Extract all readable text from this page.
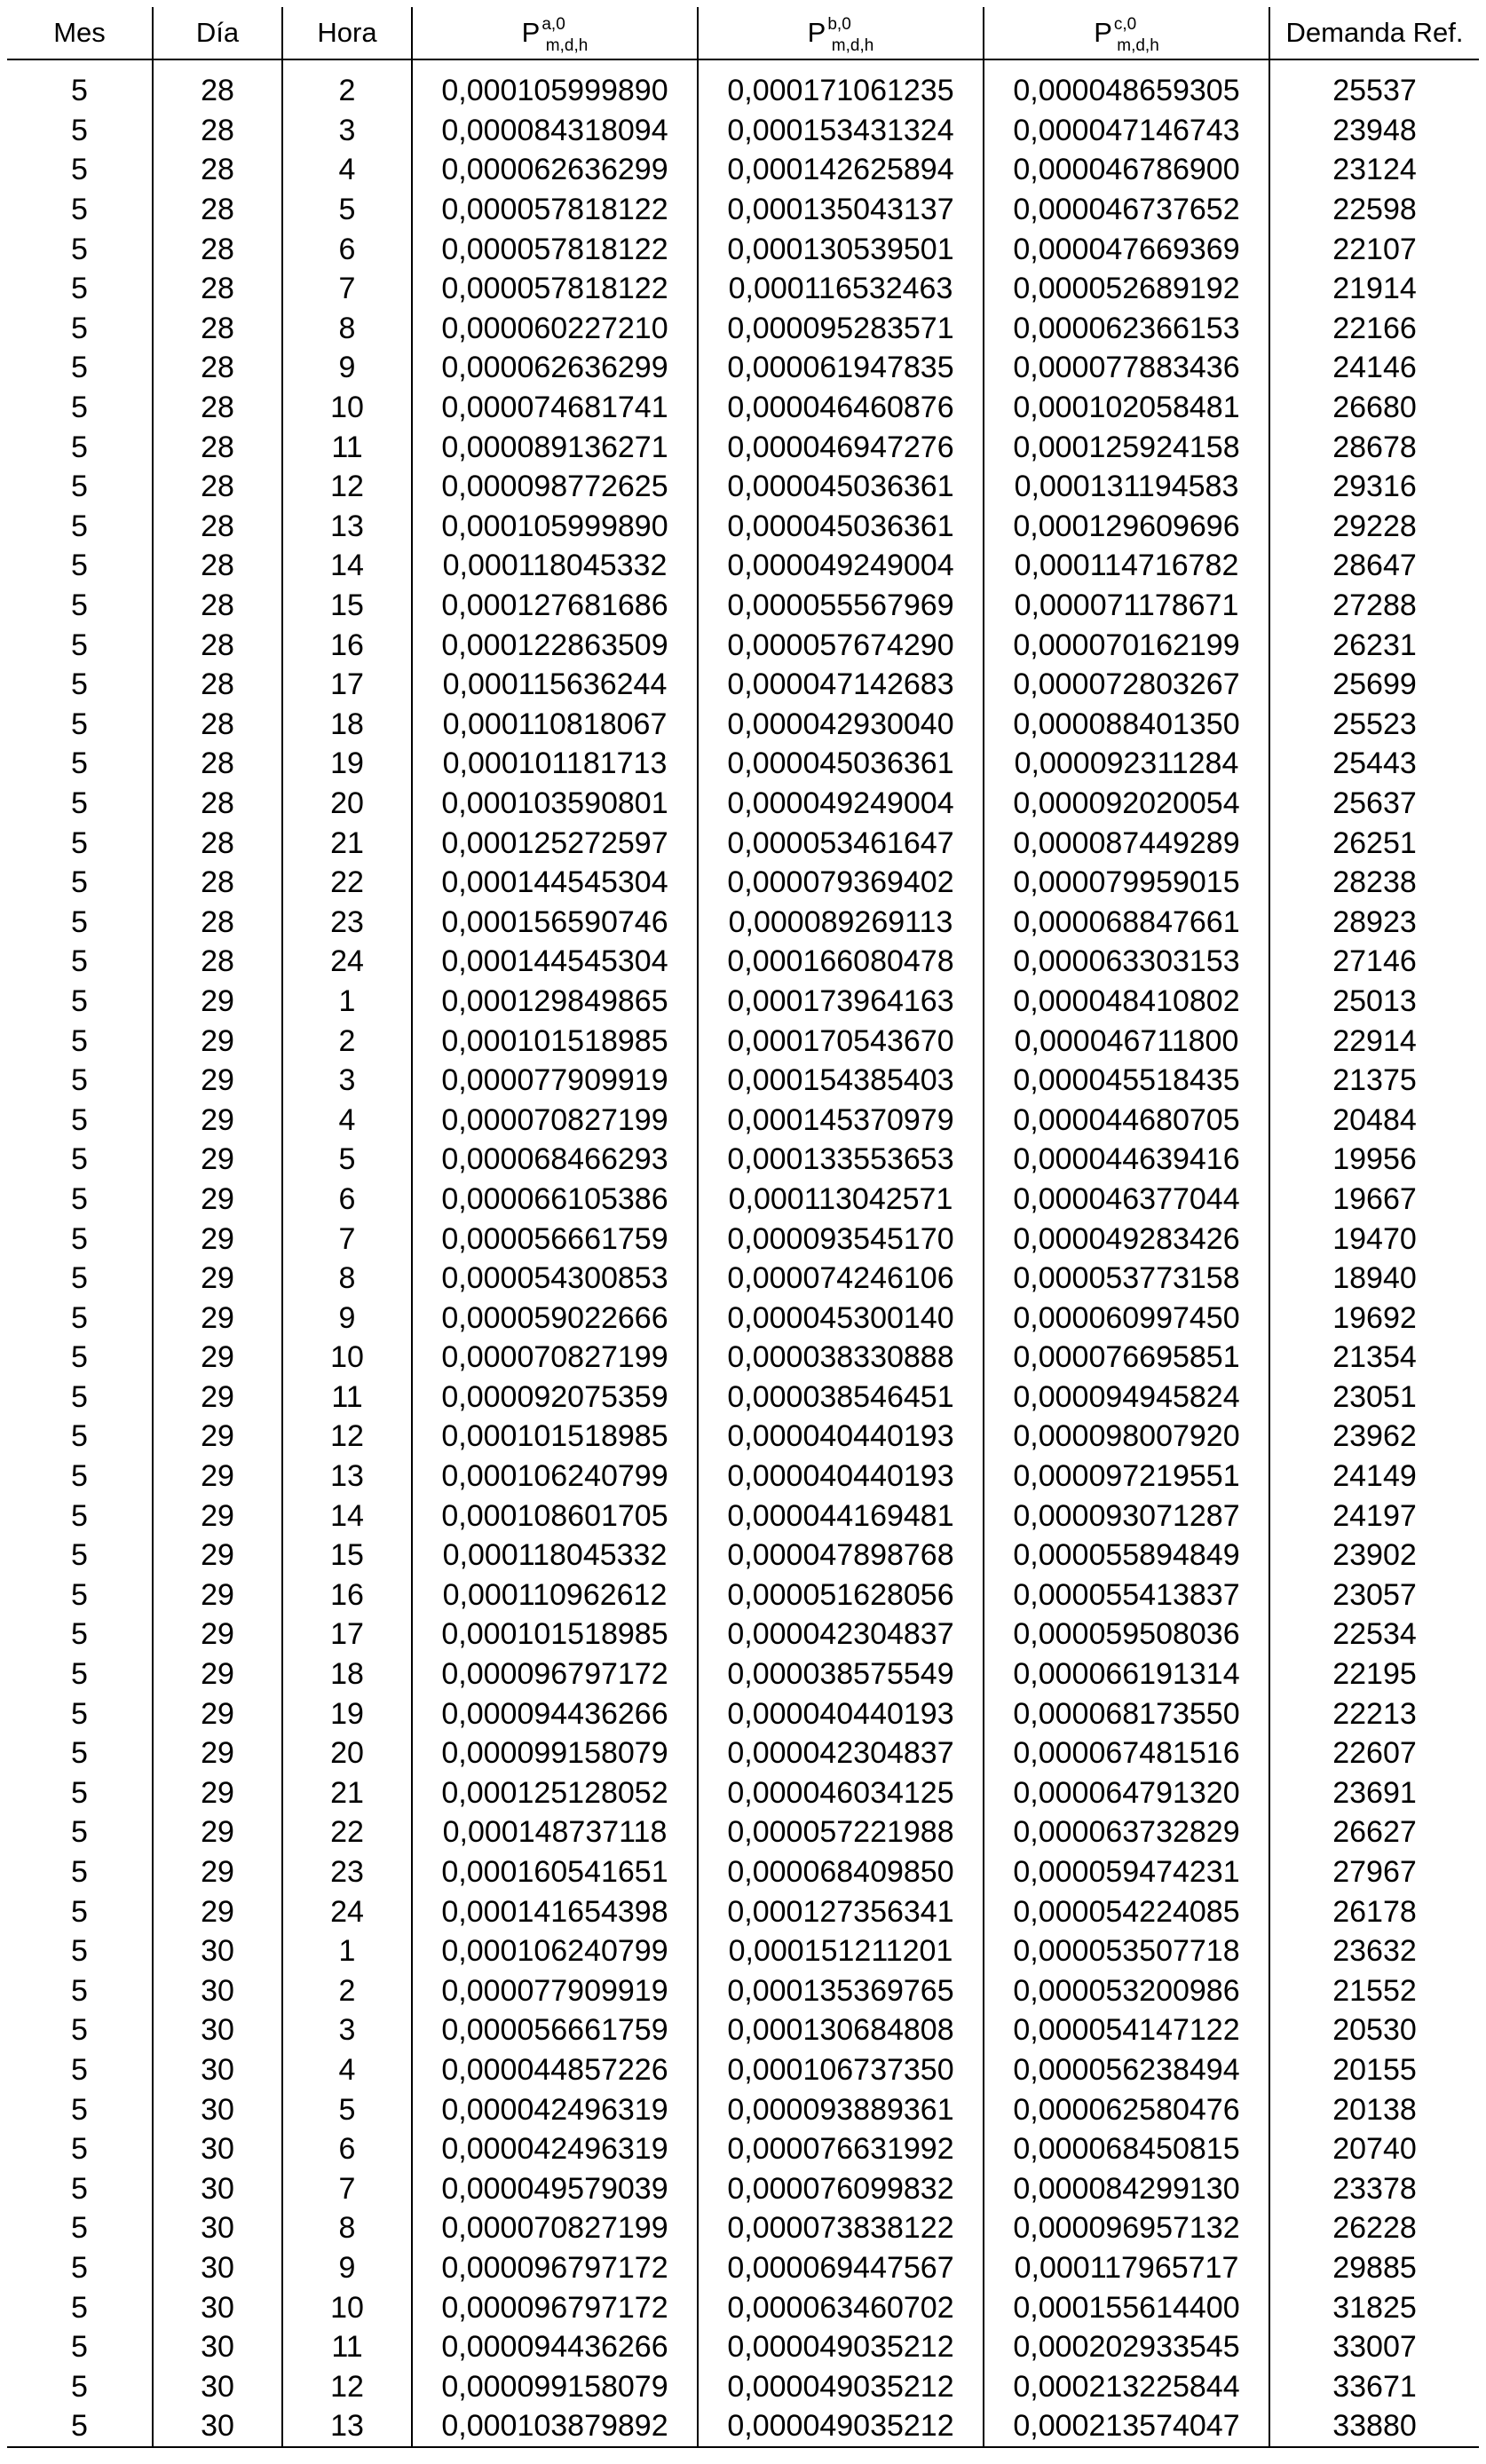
Mes	Día	Hora	P $^{a,0}_{m,d,h}$	P $^{b,0}_{m,d,h}$	P $^{c,0}_{m,d,h}$	Demanda Ref.
5	28	2	0,000105999890	0,000171061235	0,000048659305	25537
5	28	3	0,000084318094	0,000153431324	0,000047146743	23948
5	28	4	0,000062636299	0,000142625894	0,000046786900	23124
5	28	5	0,000057818122	0,000135043137	0,000046737652	22598
5	28	6	0,000057818122	0,000130539501	0,000047669369	22107
5	28	7	0,000057818122	0,000116532463	0,000052689192	21914
5	28	8	0,000060227210	0,000095283571	0,000062366153	22166
5	28	9	0,000062636299	0,000061947835	0,000077883436	24146
5	28	10	0,000074681741	0,000046460876	0,000102058481	26680
5	28	11	0,000089136271	0,000046947276	0,000125924158	28678
5	28	12	0,000098772625	0,000045036361	0,000131194583	29316
5	28	13	0,000105999890	0,000045036361	0,000129609696	29228
5	28	14	0,000118045332	0,000049249004	0,000114716782	28647
5	28	15	0,000127681686	0,000055567969	0,000071178671	27288
5	28	16	0,000122863509	0,000057674290	0,000070162199	26231
5	28	17	0,000115636244	0,000047142683	0,000072803267	25699
5	28	18	0,000110818067	0,000042930040	0,000088401350	25523
5	28	19	0,000101181713	0,000045036361	0,000092311284	25443
5	28	20	0,000103590801	0,000049249004	0,000092020054	25637
5	28	21	0,000125272597	0,000053461647	0,000087449289	26251
5	28	22	0,000144545304	0,000079369402	0,000079959015	28238
5	28	23	0,000156590746	0,000089269113	0,000068847661	28923
5	28	24	0,000144545304	0,000166080478	0,000063303153	27146
5	29	1	0,000129849865	0,000173964163	0,000048410802	25013
5	29	2	0,000101518985	0,000170543670	0,000046711800	22914
5	29	3	0,000077909919	0,000154385403	0,000045518435	21375
5	29	4	0,000070827199	0,000145370979	0,000044680705	20484
5	29	5	0,000068466293	0,000133553653	0,000044639416	19956
5	29	6	0,000066105386	0,000113042571	0,000046377044	19667
5	29	7	0,000056661759	0,000093545170	0,000049283426	19470
5	29	8	0,000054300853	0,000074246106	0,000053773158	18940
5	29	9	0,000059022666	0,000045300140	0,000060997450	19692
5	29	10	0,000070827199	0,000038330888	0,000076695851	21354
5	29	11	0,000092075359	0,000038546451	0,000094945824	23051
5	29	12	0,000101518985	0,000040440193	0,000098007920	23962
5	29	13	0,000106240799	0,000040440193	0,000097219551	24149
5	29	14	0,000108601705	0,000044169481	0,000093071287	24197
5	29	15	0,000118045332	0,000047898768	0,000055894849	23902
5	29	16	0,000110962612	0,000051628056	0,000055413837	23057
5	29	17	0,000101518985	0,000042304837	0,000059508036	22534
5	29	18	0,000096797172	0,000038575549	0,000066191314	22195
5	29	19	0,000094436266	0,000040440193	0,000068173550	22213
5	29	20	0,000099158079	0,000042304837	0,000067481516	22607
5	29	21	0,000125128052	0,000046034125	0,000064791320	23691
5	29	22	0,000148737118	0,000057221988	0,000063732829	26627
5	29	23	0,000160541651	0,000068409850	0,000059474231	27967
5	29	24	0,000141654398	0,000127356341	0,000054224085	26178
5	30	1	0,000106240799	0,000151211201	0,000053507718	23632
5	30	2	0,000077909919	0,000135369765	0,000053200986	21552
5	30	3	0,000056661759	0,000130684808	0,000054147122	20530
5	30	4	0,000044857226	0,000106737350	0,000056238494	20155
5	30	5	0,000042496319	0,000093889361	0,000062580476	20138
5	30	6	0,000042496319	0,000076631992	0,000068450815	20740
5	30	7	0,000049579039	0,000076099832	0,000084299130	23378
5	30	8	0,000070827199	0,000073838122	0,000096957132	26228
5	30	9	0,000096797172	0,000069447567	0,000117965717	29885
5	30	10	0,000096797172	0,000063460702	0,000155614400	31825
5	30	11	0,000094436266	0,000049035212	0,000202933545	33007
5	30	12	0,000099158079	0,000049035212	0,000213225844	33671
5	30	13	0,000103879892	0,000049035212	0,000213574047	33880
